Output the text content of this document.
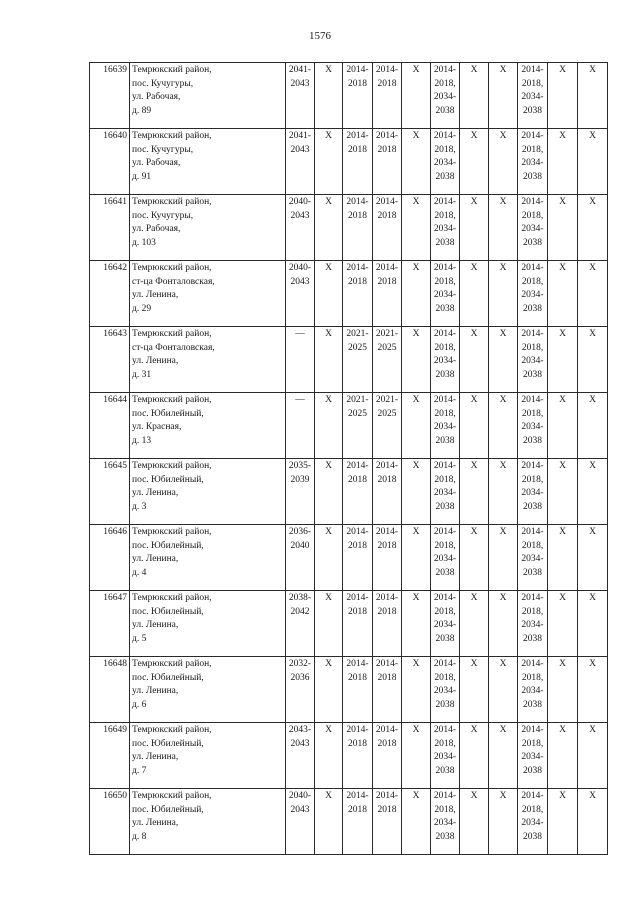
1576
16639	Темрюкский район,
пос. Кучугуры,
ул. Рабочая,
д. 89	2041-
2043	X	2014-
2018	2014-
2018	X	2014-
2018,
2034-
2038	X	X	2014-
2018,
2034-
2038	X	X

16640	Темрюкский район,
пос. Кучугуры,
ул. Рабочая,
д. 91	2041-
2043	X	2014-
2018	2014-
2018	X	2014-
2018,
2034-
2038	X	X	2014-
2018,
2034-
2038	X	X

16641	Темрюкский район,
пос. Кучугуры,
ул. Рабочая,
д. 103	2040-
2043	X	2014-
2018	2014-
2018	X	2014-
2018,
2034-
2038	X	X	2014-
2018,
2034-
2038	X	X

16642	Темрюкский район,
ст-ца Фонталовская,
ул. Ленина,
д. 29	2040-
2043	X	2014-
2018	2014-
2018	X	2014-
2018,
2034-
2038	X	X	2014-
2018,
2034-
2038	X	X

16643	Темрюкский район,
ст-ца Фонталовская,
ул. Ленина,
д. 31	—	X	2021-
2025	2021-
2025	X	2014-
2018,
2034-
2038	X	X	2014-
2018,
2034-
2038	X	X

16644	Темрюкский район,
пос. Юбилейный,
ул. Красная,
д. 13	—	X	2021-
2025	2021-
2025	X	2014-
2018,
2034-
2038	X	X	2014-
2018,
2034-
2038	X	X

16645	Темрюкский район,
пос. Юбилейный,
ул. Ленина,
д. 3	2035-
2039	X	2014-
2018	2014-
2018	X	2014-
2018,
2034-
2038	X	X	2014-
2018,
2034-
2038	X	X

16646	Темрюкский район,
пос. Юбилейный,
ул. Ленина,
д. 4	2036-
2040	X	2014-
2018	2014-
2018	X	2014-
2018,
2034-
2038	X	X	2014-
2018,
2034-
2038	X	X

16647	Темрюкский район,
пос. Юбилейный,
ул. Ленина,
д. 5	2038-
2042	X	2014-
2018	2014-
2018	X	2014-
2018,
2034-
2038	X	X	2014-
2018,
2034-
2038	X	X

16648	Темрюкский район,
пос. Юбилейный,
ул. Ленина,
д. 6	2032-
2036	X	2014-
2018	2014-
2018	X	2014-
2018,
2034-
2038	X	X	2014-
2018,
2034-
2038	X	X

16649	Темрюкский район,
пос. Юбилейный,
ул. Ленина,
д. 7	2043-
2043	X	2014-
2018	2014-
2018	X	2014-
2018,
2034-
2038	X	X	2014-
2018,
2034-
2038	X	X

16650	Темрюкский район,
пос. Юбилейный,
ул. Ленина,
д. 8	2040-
2043	X	2014-
2018	2014-
2018	X	2014-
2018,
2034-
2038	X	X	2014-
2018,
2034-
2038	X	X
